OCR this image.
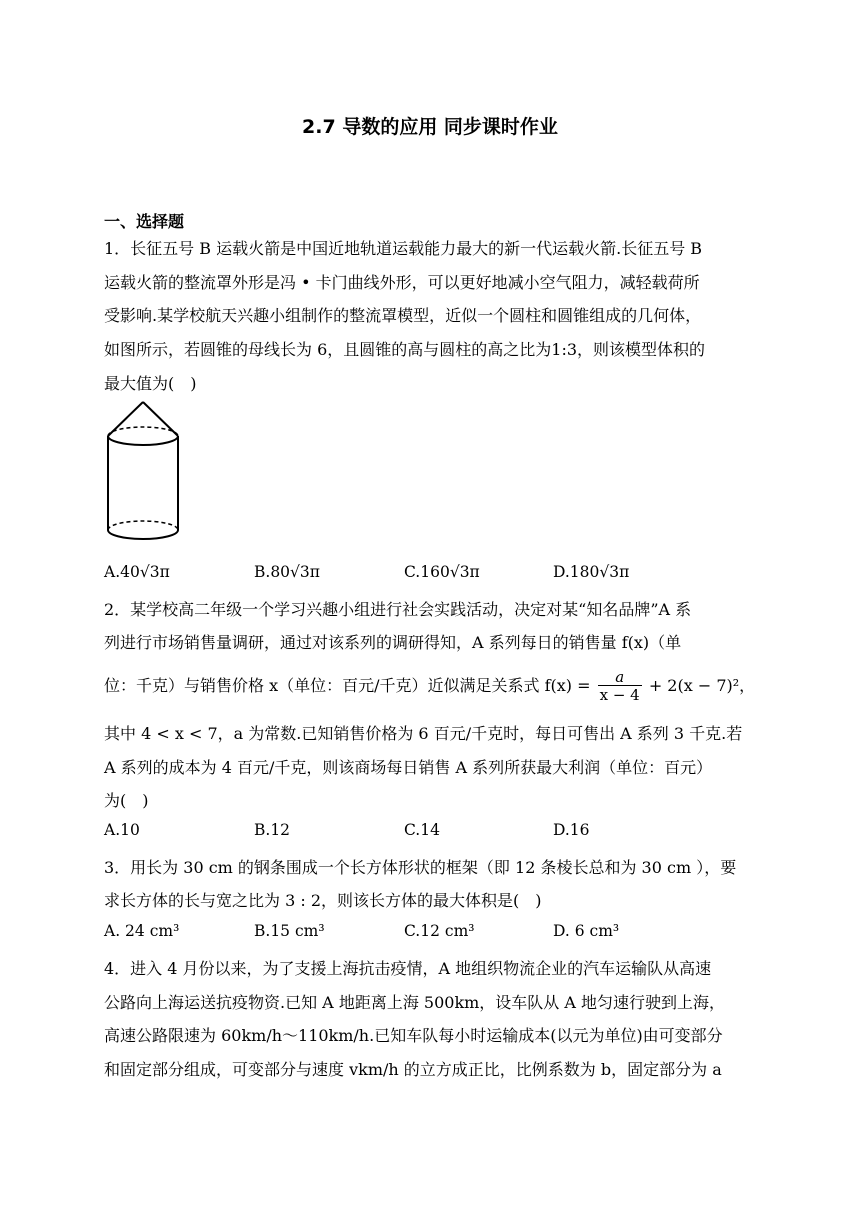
2.7 导数的应用 同步课时作业
一、选择题
1．长征五号 B 运载火箭是中国近地轨道运载能力最大的新一代运载火箭.长征五号 B
运载火箭的整流罩外形是冯 • 卡门曲线外形，可以更好地减小空气阻力，减轻载荷所
受影响.某学校航天兴趣小组制作的整流罩模型，近似一个圆柱和圆锥组成的几何体，
如图所示，若圆锥的母线长为 6，且圆锥的高与圆柱的高之比为1:3，则该模型体积的
最大值为(　)
A.40√3π	B.80√3π	C.160√3π	D.180√3π
2．某学校高二年级一个学习兴趣小组进行社会实践活动，决定对某“知名品牌”A 系
列进行市场销售量调研，通过对该系列的调研得知，A 系列每日的销售量 f(x)（单
位：千克）与销售价格 x（单位：百元/千克）近似满足关系式 $f(x) = \frac{a}{x - 4} + 2(x - 7)^2$，
其中 4 < x < 7，a 为常数.已知销售价格为 6 百元/千克时，每日可售出 A 系列 3 千克.若
A 系列的成本为 4 百元/千克，则该商场每日销售 A 系列所获最大利润（单位：百元）
为(　)
A.10	B.12	C.14	D.16
3．用长为 30 cm 的钢条围成一个长方体形状的框架（即 12 条棱长总和为 30 cm ），要
求长方体的长与宽之比为 3 : 2，则该长方体的最大体积是(　)
A. 24 cm³	B.15 cm³	C.12 cm³	D. 6 cm³
4．进入 4 月份以来，为了支援上海抗击疫情，A 地组织物流企业的汽车运输队从高速
公路向上海运送抗疫物资.已知 A 地距离上海 500km，设车队从 A 地匀速行驶到上海，
高速公路限速为 60km/h～110km/h.已知车队每小时运输成本(以元为单位)由可变部分
和固定部分组成，可变部分与速度 vkm/h 的立方成正比，比例系数为 b，固定部分为 a
